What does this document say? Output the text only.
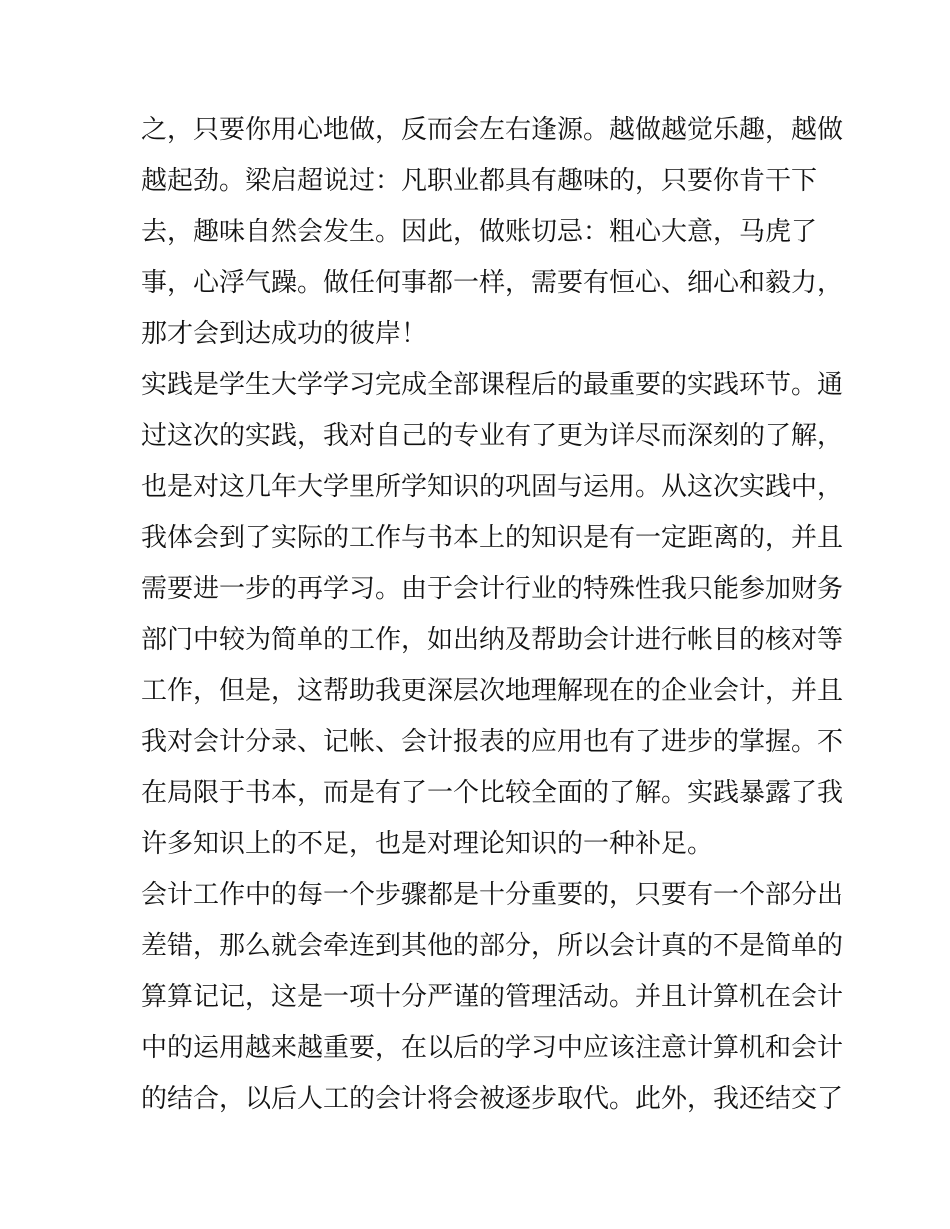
之，只要你用心地做，反而会左右逢源。越做越觉乐趣，越做
越起劲。梁启超说过：凡职业都具有趣味的，只要你肯干下
去，趣味自然会发生。因此，做账切忌：粗心大意，马虎了
事，心浮气躁。做任何事都一样，需要有恒心、细心和毅力，
那才会到达成功的彼岸！
实践是学生大学学习完成全部课程后的最重要的实践环节。通
过这次的实践，我对自己的专业有了更为详尽而深刻的了解，
也是对这几年大学里所学知识的巩固与运用。从这次实践中，
我体会到了实际的工作与书本上的知识是有一定距离的，并且
需要进一步的再学习。由于会计行业的特殊性我只能参加财务
部门中较为简单的工作，如出纳及帮助会计进行帐目的核对等
工作，但是，这帮助我更深层次地理解现在的企业会计，并且
我对会计分录、记帐、会计报表的应用也有了进步的掌握。不
在局限于书本，而是有了一个比较全面的了解。实践暴露了我
许多知识上的不足，也是对理论知识的一种补足。
会计工作中的每一个步骤都是十分重要的，只要有一个部分出
差错，那么就会牵连到其他的部分，所以会计真的不是简单的
算算记记，这是一项十分严谨的管理活动。并且计算机在会计
中的运用越来越重要，在以后的学习中应该注意计算机和会计
的结合，以后人工的会计将会被逐步取代。此外，我还结交了
